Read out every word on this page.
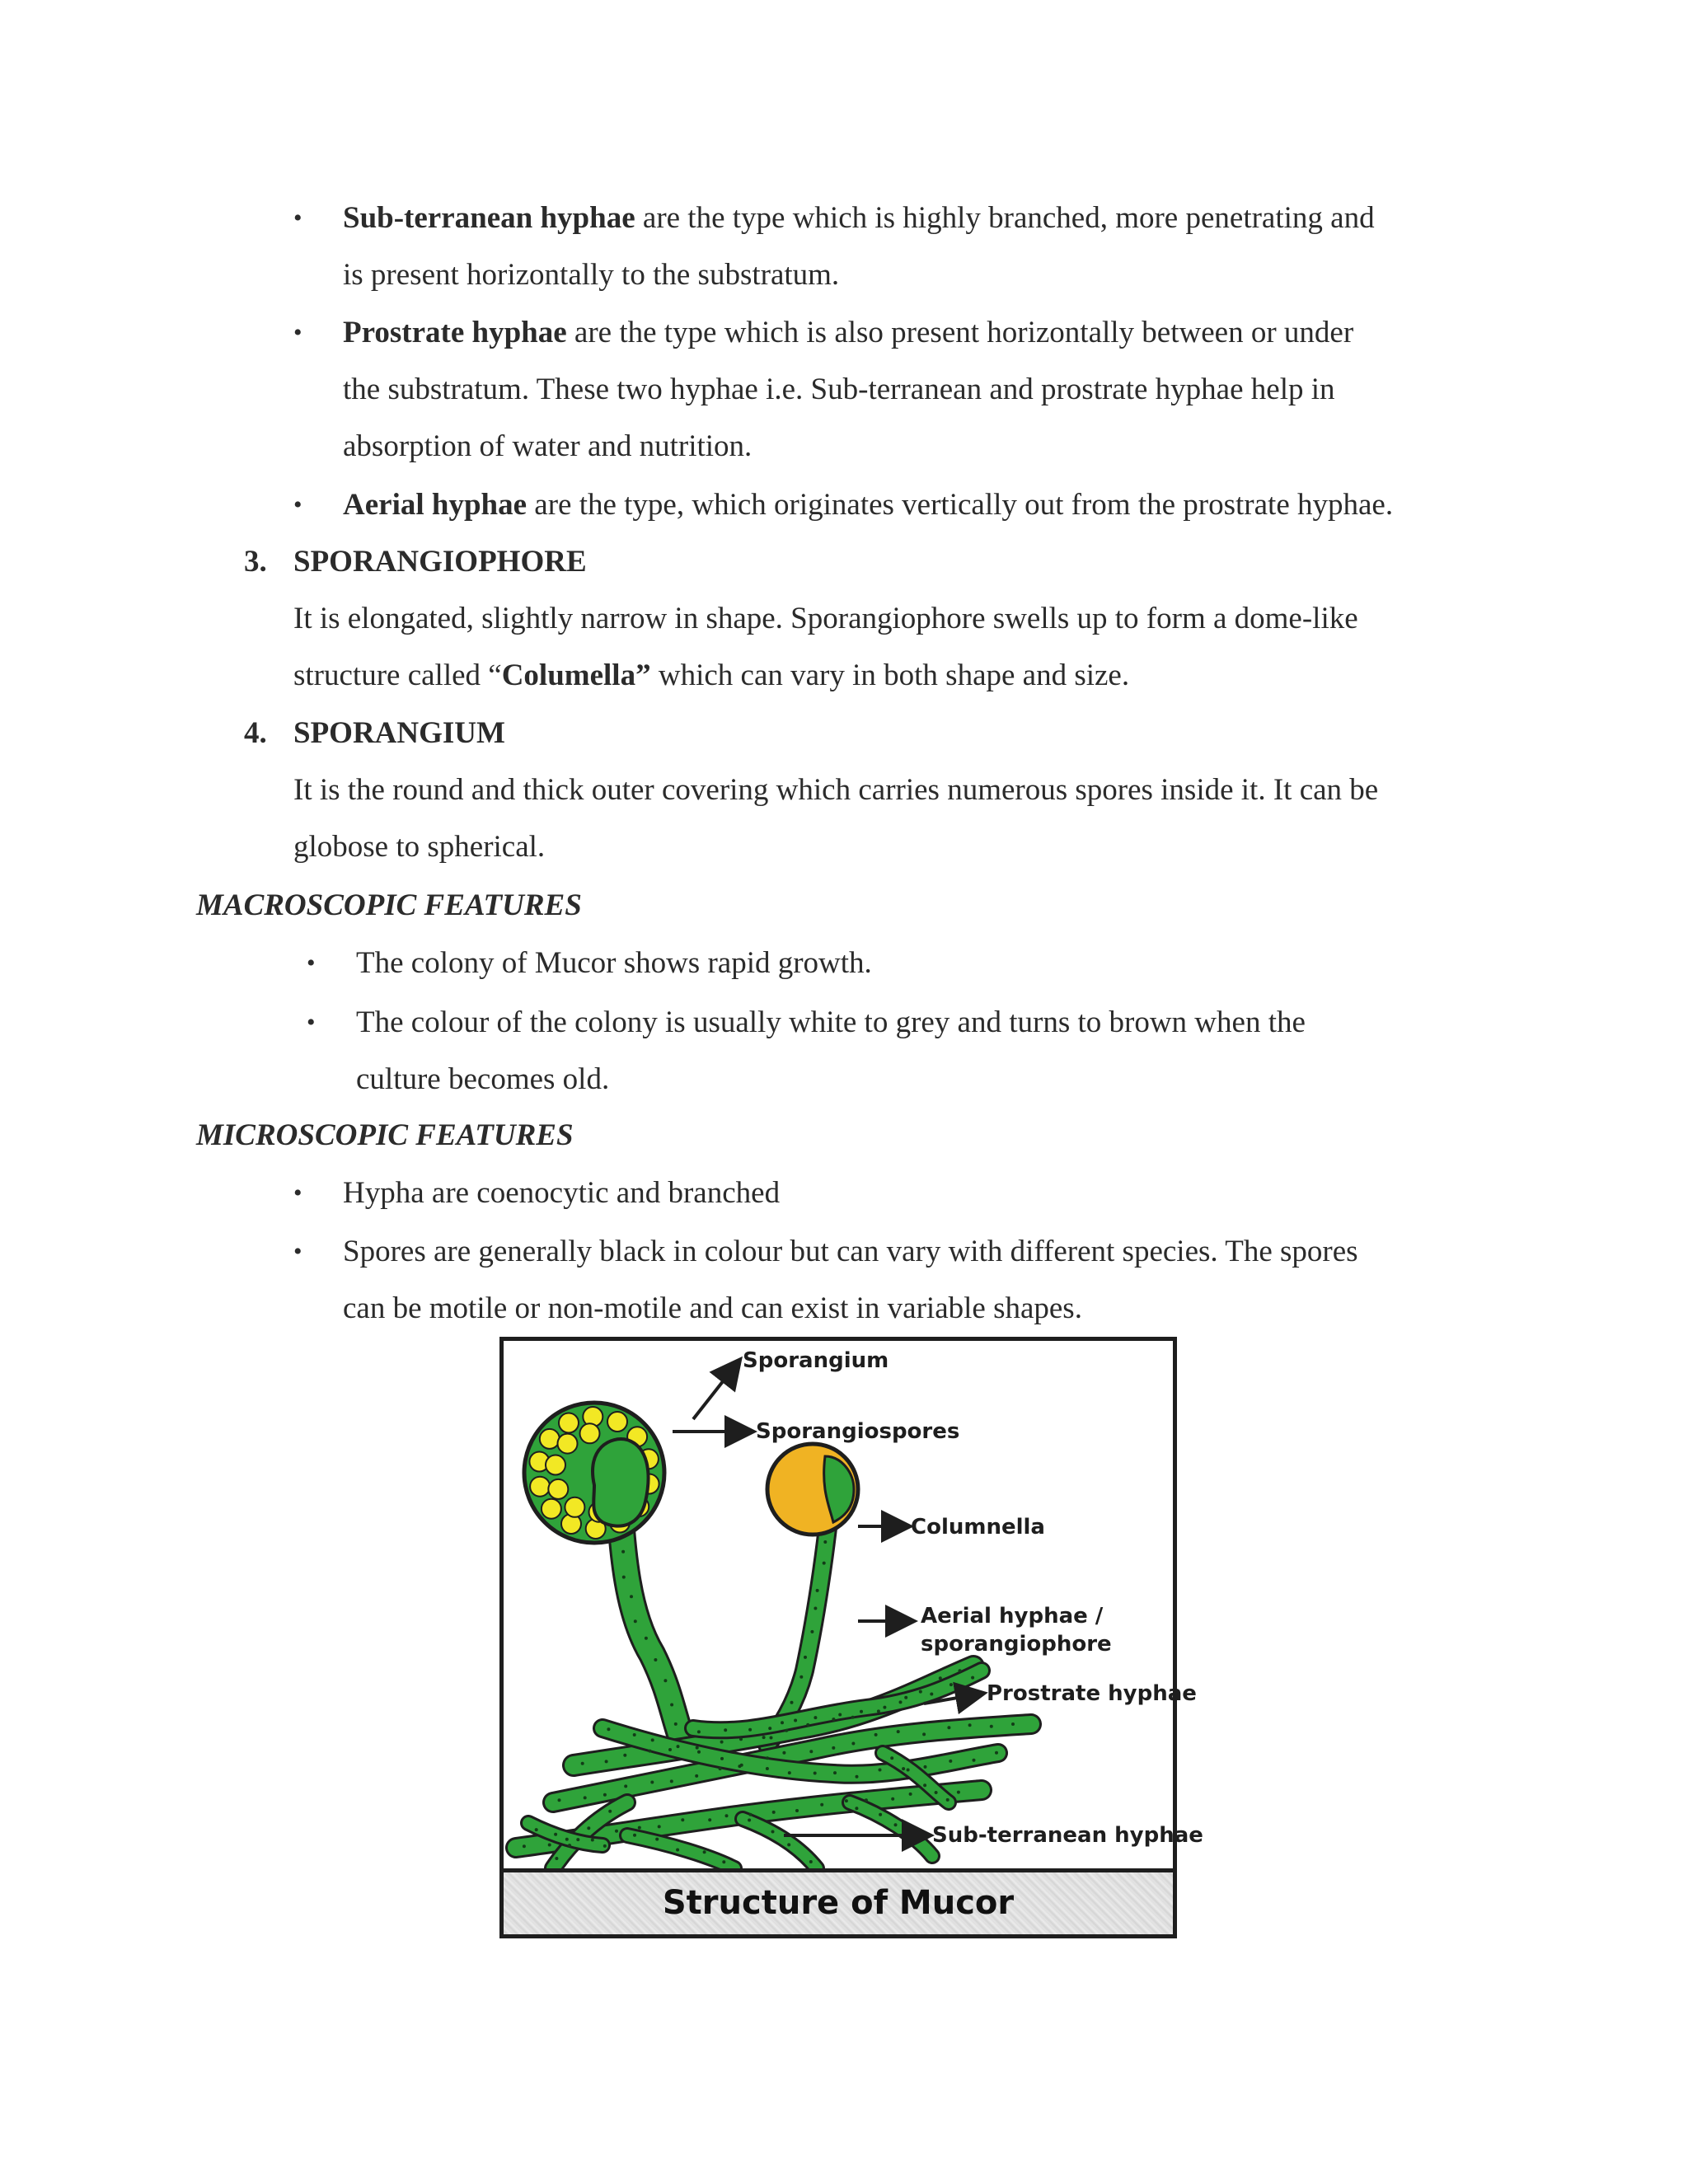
• Sub-terranean hyphae are the type which is highly branched, more penetrating and
is present horizontally to the substratum.
• Prostrate hyphae are the type which is also present horizontally between or under
the substratum. These two hyphae i.e. Sub-terranean and prostrate hyphae help in
absorption of water and nutrition.
• Aerial hyphae are the type, which originates vertically out from the prostrate hyphae.
3. SPORANGIOPHORE
It is elongated, slightly narrow in shape. Sporangiophore swells up to form a dome-like
structure called “Columella” which can vary in both shape and size.
4. SPORANGIUM
It is the round and thick outer covering which carries numerous spores inside it. It can be
globose to spherical.
MACROSCOPIC FEATURES
• The colony of Mucor shows rapid growth.
• The colour of the colony is usually white to grey and turns to brown when the
culture becomes old.
MICROSCOPIC FEATURES
• Hypha are coenocytic and branched
• Spores are generally black in colour but can vary with different species. The spores
can be motile or non-motile and can exist in variable shapes.
Sporangium
Sporangiospores
Columnella
Aerial hyphae /
sporangiophore
Prostrate hyphae
Sub-terranean hyphae
Structure of Mucor
